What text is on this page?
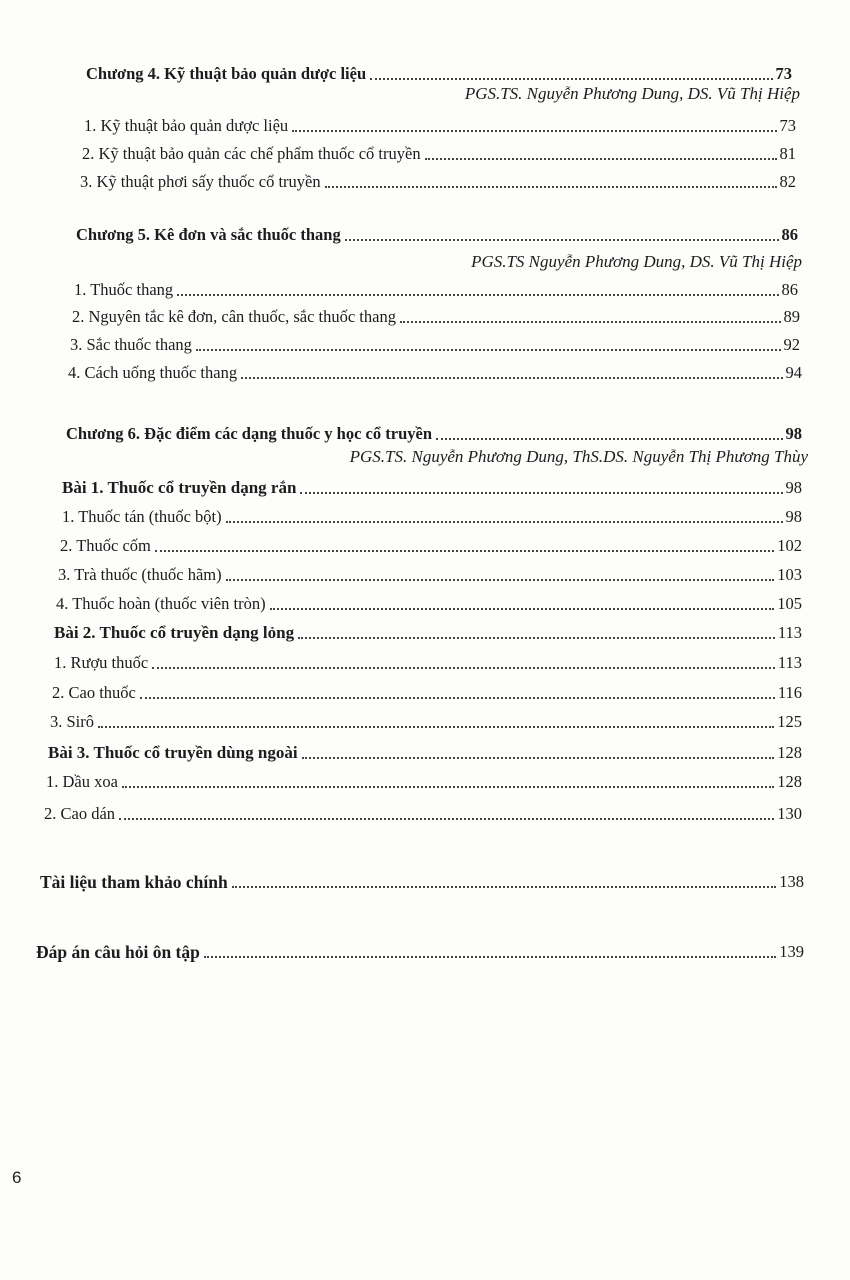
Chương 4. Kỹ thuật bảo quản dược liệu	73
PGS.TS. Nguyễn Phương Dung, DS. Vũ Thị Hiệp
1. Kỹ thuật bảo quản dược liệu	73
2. Kỹ thuật bảo quản các chế phẩm thuốc cổ truyền	81
3. Kỹ thuật phơi sấy thuốc cổ truyền	82
Chương 5. Kê đơn và sắc thuốc thang	86
PGS.TS Nguyễn Phương Dung, DS. Vũ Thị Hiệp
1. Thuốc thang	86
2. Nguyên tắc kê đơn, cân thuốc, sắc thuốc thang	89
3. Sắc thuốc thang	92
4. Cách uống thuốc thang	94
Chương 6. Đặc điểm các dạng thuốc y học cổ truyền	98
PGS.TS. Nguyễn Phương Dung, ThS.DS. Nguyễn Thị Phương Thùy
Bài 1. Thuốc cổ truyền dạng rắn	98
1. Thuốc tán (thuốc bột)	98
2. Thuốc cốm	102
3. Trà thuốc (thuốc hãm)	103
4. Thuốc hoàn (thuốc viên tròn)	105
Bài 2. Thuốc cổ truyền dạng lỏng	113
1. Rượu thuốc	113
2. Cao thuốc	116
3. Sirô	125
Bài 3. Thuốc cổ truyền dùng ngoài	128
1. Dầu xoa	128
2. Cao dán	130
Tài liệu tham khảo chính	138
Đáp án câu hỏi ôn tập	139
6
